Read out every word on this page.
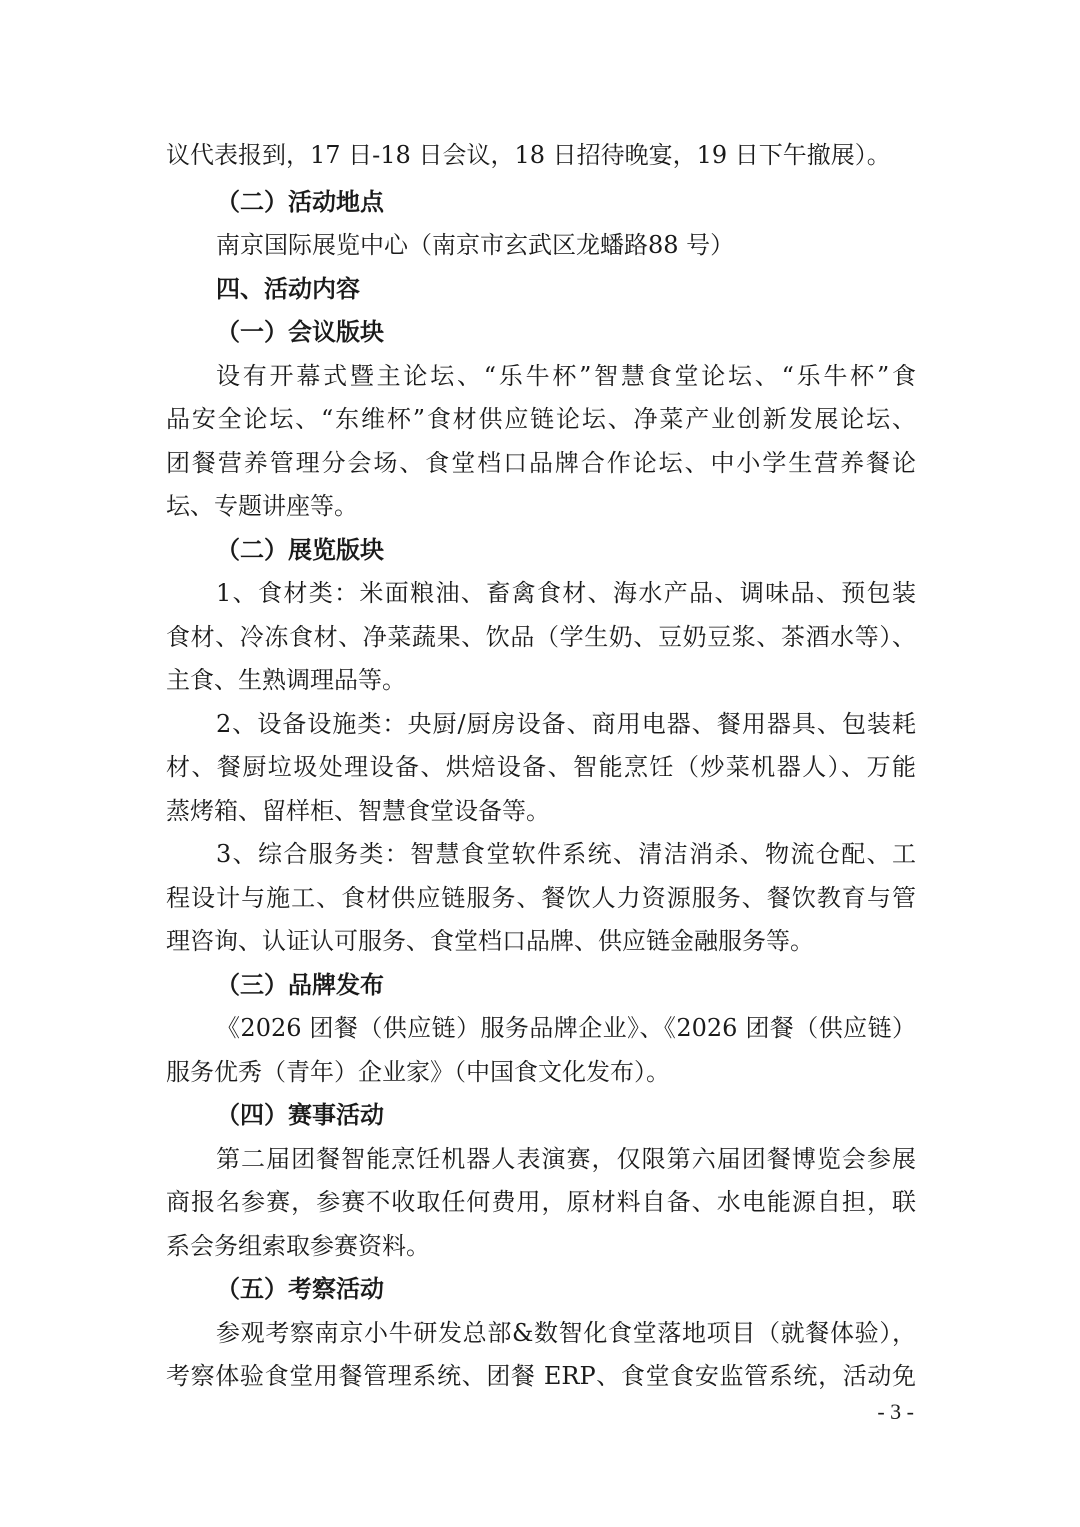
- 3 -
议代表报到，17 日-18 日会议，18 日招待晚宴，19 日下午撤展）。
（二）活动地点
南京国际展览中心（南京市玄武区龙蟠路88 号）
四、活动内容
（一）会议版块
设有开幕式暨主论坛、“乐牛杯”智慧食堂论坛、“乐牛杯”食
品安全论坛、“东维杯”食材供应链论坛、净菜产业创新发展论坛、
团餐营养管理分会场、食堂档口品牌合作论坛、中小学生营养餐论
坛、专题讲座等。
（二）展览版块
1、食材类：米面粮油、畜禽食材、海水产品、调味品、预包装
食材、冷冻食材、净菜蔬果、饮品（学生奶、豆奶豆浆、茶酒水等）、
主食、生熟调理品等。
2、设备设施类：央厨/厨房设备、商用电器、餐用器具、包装耗
材、餐厨垃圾处理设备、烘焙设备、智能烹饪（炒菜机器人）、万能
蒸烤箱、留样柜、智慧食堂设备等。
3、综合服务类：智慧食堂软件系统、清洁消杀、物流仓配、工
程设计与施工、食材供应链服务、餐饮人力资源服务、餐饮教育与管
理咨询、认证认可服务、食堂档口品牌、供应链金融服务等。
（三）品牌发布
《2026 团餐（供应链）服务品牌企业》、《2026 团餐（供应链）
服务优秀（青年）企业家》（中国食文化发布）。
（四）赛事活动
第二届团餐智能烹饪机器人表演赛，仅限第六届团餐博览会参展
商报名参赛，参赛不收取任何费用，原材料自备、水电能源自担，联
系会务组索取参赛资料。
（五）考察活动
参观考察南京小牛研发总部&数智化食堂落地项目（就餐体验），
考察体验食堂用餐管理系统、团餐 ERP、食堂食安监管系统，活动免
